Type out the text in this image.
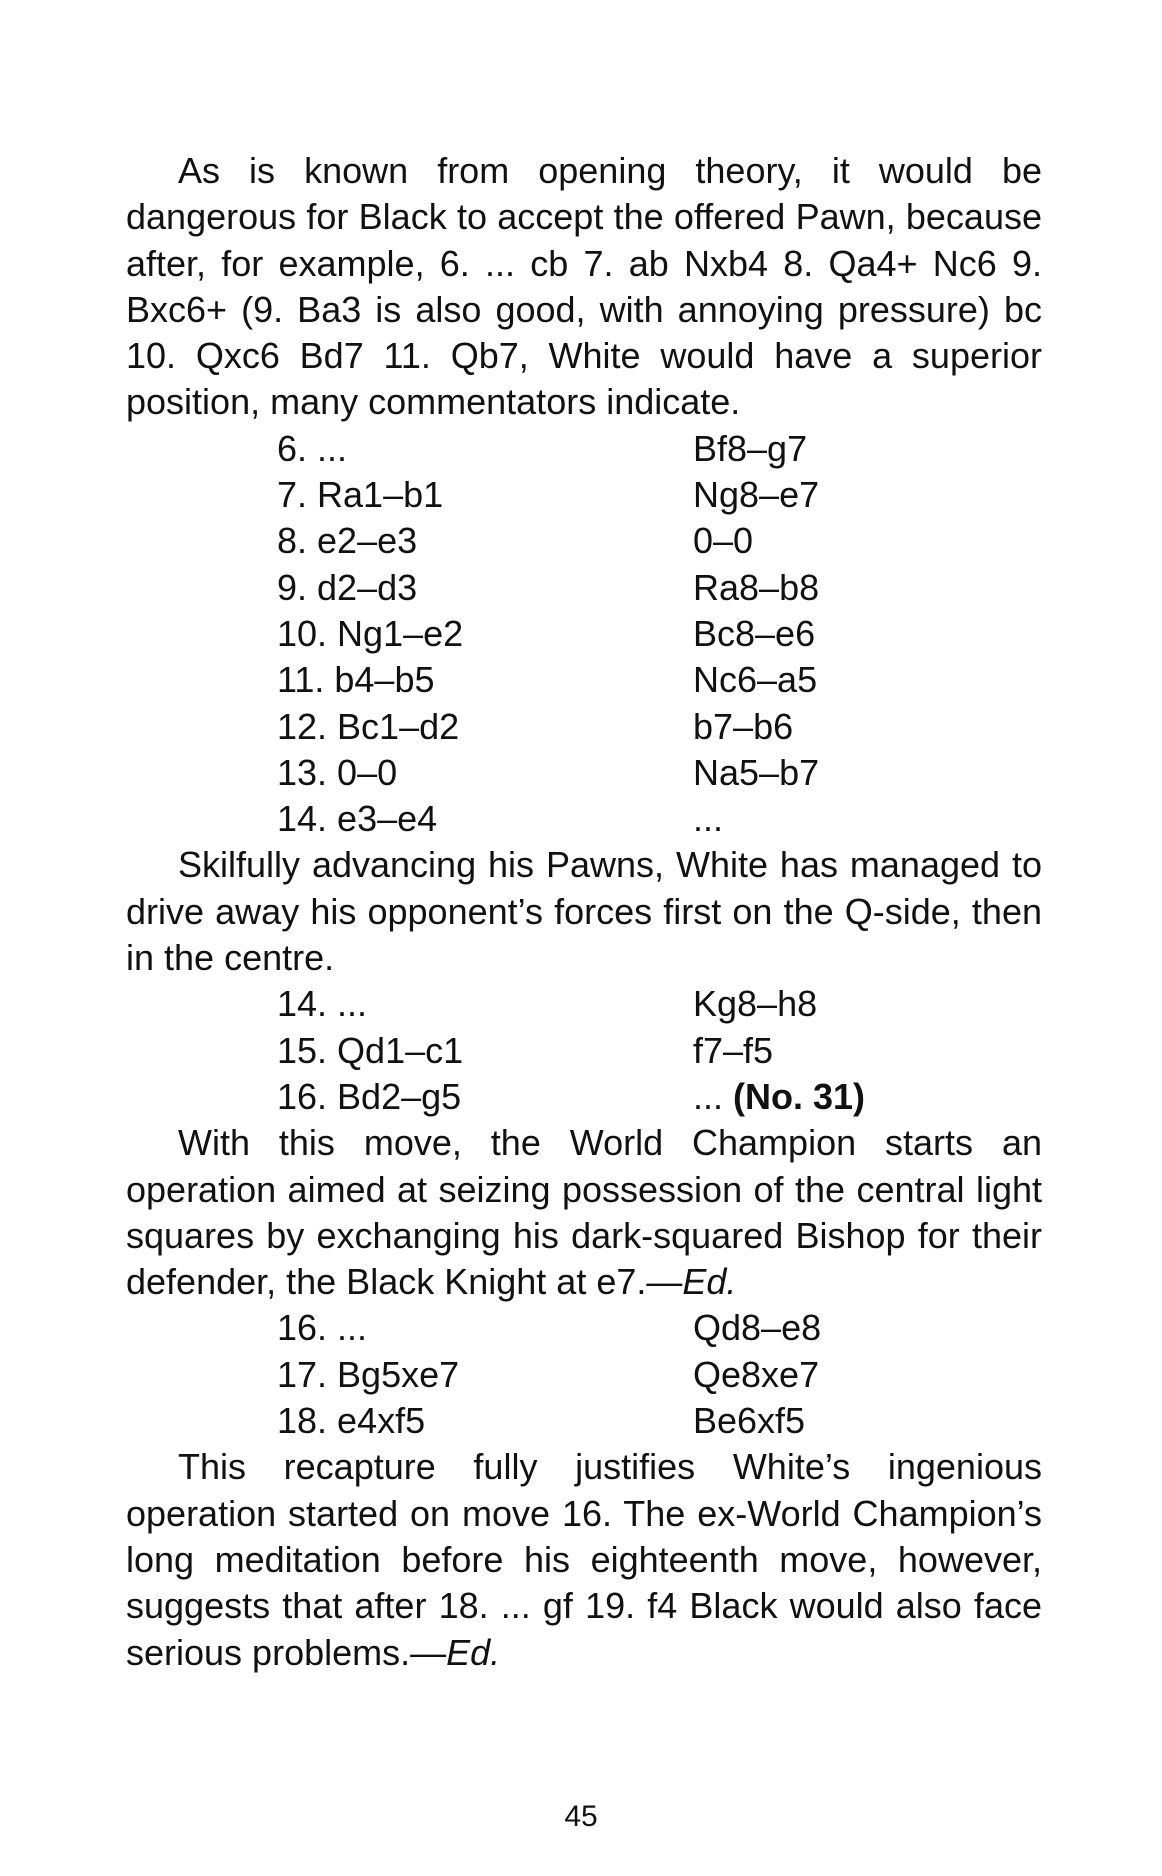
As is known from opening theory, it would be dangerous for Black to accept the offered Pawn, because after, for example, 6. ... cb 7. ab Nxb4 8. Qa4+ Nc6 9. Bxc6+ (9. Ba3 is also good, with annoying pressure) bc 10. Qxc6 Bd7 11. Qb7, White would have a superior position, many commentators indicate.

6. ...	Bf8–g7
7. Ra1–b1	Ng8–e7
8. e2–e3	0–0
9. d2–d3	Ra8–b8
10. Ng1–e2	Bc8–e6
11. b4–b5	Nc6–a5
12. Bc1–d2	b7–b6
13. 0–0	Na5–b7
14. e3–e4	...

Skilfully advancing his Pawns, White has managed to drive away his opponent’s forces first on the Q-side, then in the centre.

14. ...	Kg8–h8
15. Qd1–c1	f7–f5
16. Bd2–g5	... (No. 31)

With this move, the World Champion starts an operation aimed at seizing possession of the central light squares by exchanging his dark-squared Bishop for their defender, the Black Knight at e7.—Ed.

16. ...	Qd8–e8
17. Bg5xe7	Qe8xe7
18. e4xf5	Be6xf5

This recapture fully justifies White’s ingenious operation started on move 16. The ex-World Champion’s long meditation before his eighteenth move, however, suggests that after 18. ... gf 19. f4 Black would also face serious problems.—Ed.

45
